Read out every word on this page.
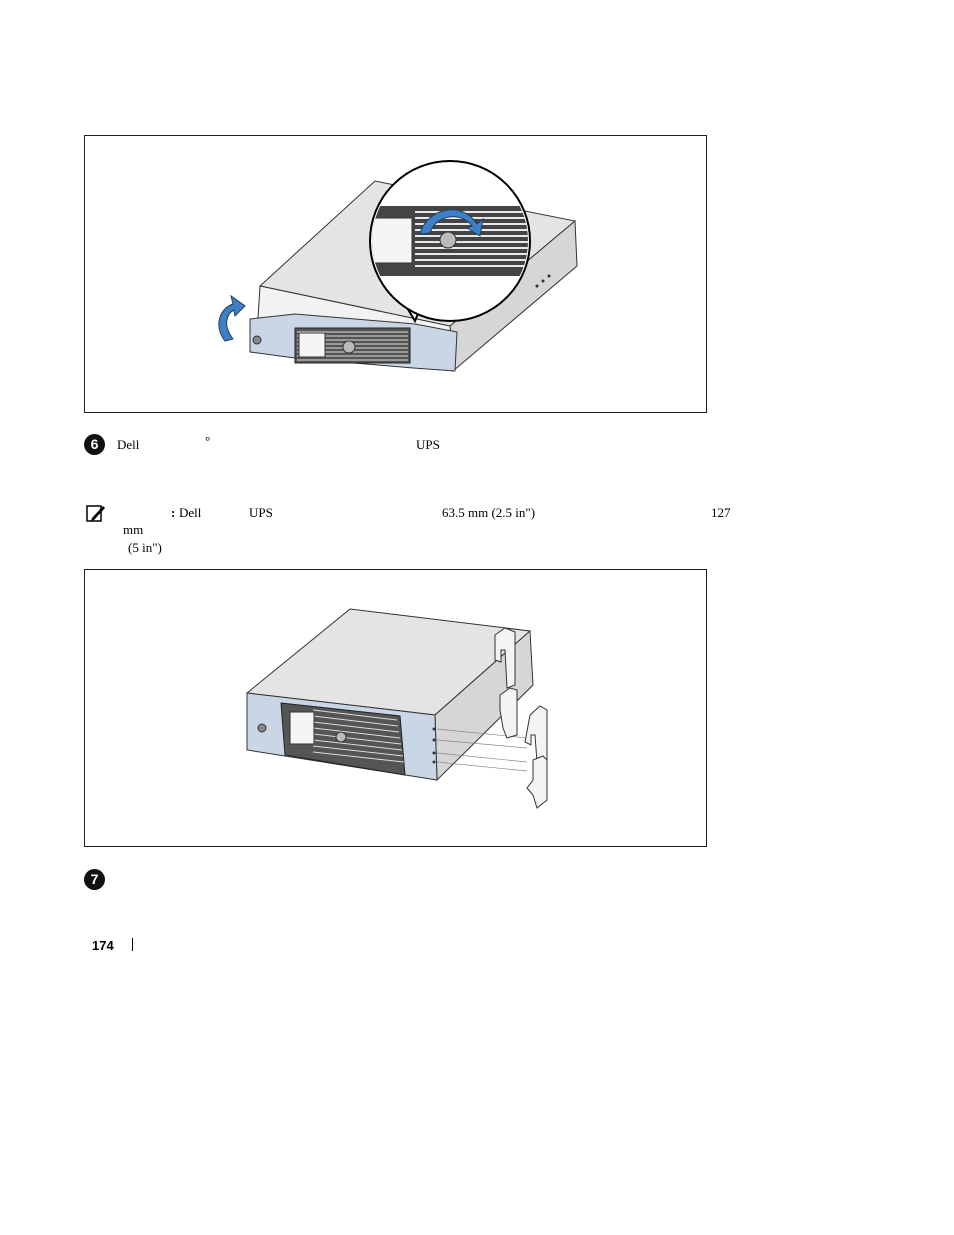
6	Dell	°	UPS
: Dell	UPS	63.5 mm (2.5 in")	127
mm
(5 in")
7
174
